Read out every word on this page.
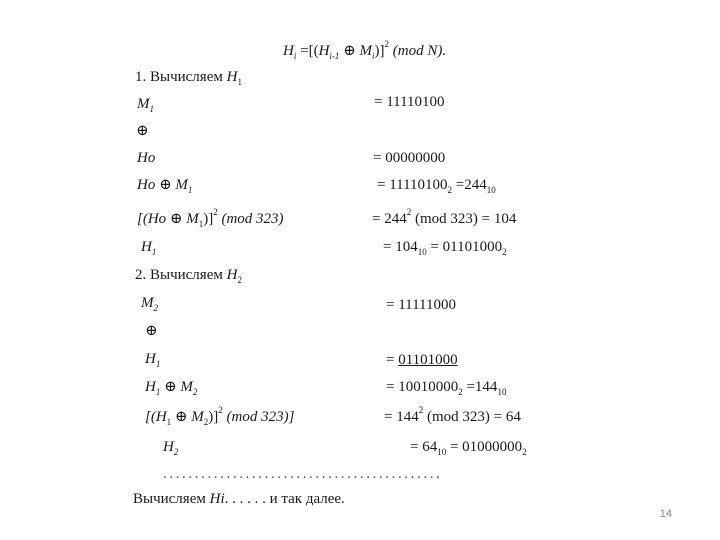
$H_i =[(H_{i-1}$ ⊕ $M_i)]^2$ (mod N).
1. Вычисляем $H_1$
$M_1$	= 11110100
⊕
Ho	= 00000000
Ho ⊕ $M_1$	= $11110100_2 =244_{10}$
[(Ho ⊕ $M_1)]^2$ (mod 323)	= $244^2$ (mod 323) = 104
$H_1$	= $104_{10} = 01101000_2$
2. Вычисляем $H_2$
$M_2$	= 11111000
⊕
$H_1$	= 01101000
$H_1$ ⊕ $M_2$	= $10010000_2 =144_{10}$
[($H_1$ ⊕ $M_2)]^2$ (mod 323)]	= $144^2$ (mod 323) = 64
$H_2$	= $64_{10} = 01000000_2$
............................................
Вычисляем Hi. . . . . . и так далее.
14
